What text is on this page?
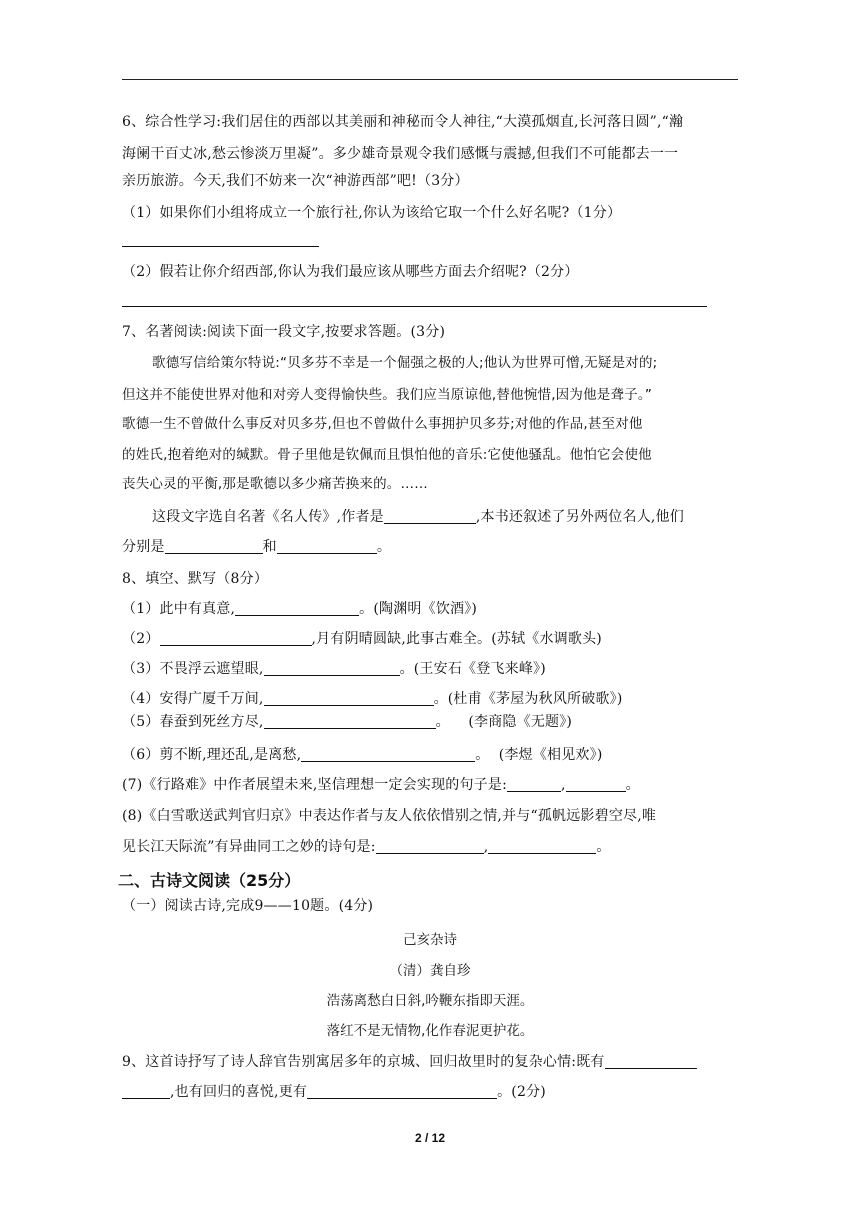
6、综合性学习:我们居住的西部以其美丽和神秘而令人神往,“大漠孤烟直,长河落日圆”,“瀚
海阑干百丈冰,愁云惨淡万里凝”。多少雄奇景观令我们感慨与震撼,但我们不可能都去一一
亲历旅游。今天,我们不妨来一次“神游西部”吧!（3分）
（1）如果你们小组将成立一个旅行社,你认为该给它取一个什么好名呢?（1分）
（2）假若让你介绍西部,你认为我们最应该从哪些方面去介绍呢?（2分）
7、名著阅读:阅读下面一段文字,按要求答题。(3分)
歌德写信给策尔特说:“贝多芬不幸是一个倔强之极的人;他认为世界可憎,无疑是对的;
但这并不能使世界对他和对旁人变得愉快些。我们应当原谅他,替他惋惜,因为他是聋子。”
歌德一生不曾做什么事反对贝多芬,但也不曾做什么事拥护贝多芬;对他的作品,甚至对他
的姓氏,抱着绝对的缄默。骨子里他是钦佩而且惧怕他的音乐:它使他骚乱。他怕它会使他
丧失心灵的平衡,那是歌德以多少痛苦换来的。……
这段文字选自名著《名人传》,作者是	,本书还叙述了另外两位名人,他们
分别是	和	。
8、填空、默写（8分）
（1）此中有真意,	。(陶渊明《饮酒》)
（2）	,月有阴晴圆缺,此事古难全。(苏轼《水调歌头)
（3）不畏浮云遮望眼,	。(王安石《登飞来峰》)
（4）安得广厦千万间,	。(杜甫《茅屋为秋风所破歌》)
（5）春蚕到死丝方尽,	。    (李商隐《无题》)
（6）剪不断,理还乱,是离愁,	。  (李煜《相见欢》)
(7)《行路难》中作者展望未来,坚信理想一定会实现的句子是:	,	。
(8)《白雪歌送武判官归京》中表达作者与友人依依惜别之情,并与“孤帆远影碧空尽,唯
见长江天际流”有异曲同工之妙的诗句是:	,	。
二、古诗文阅读（25分）
（一）阅读古诗,完成9——10题。(4分)
己亥杂诗
（清）龚自珍
浩荡离愁白日斜,吟鞭东指即天涯。
落红不是无情物,化作春泥更护花。
9、这首诗抒写了诗人辞官告别寓居多年的京城、回归故里时的复杂心情:既有
,也有回归的喜悦,更有	。(2分)
2 / 12
